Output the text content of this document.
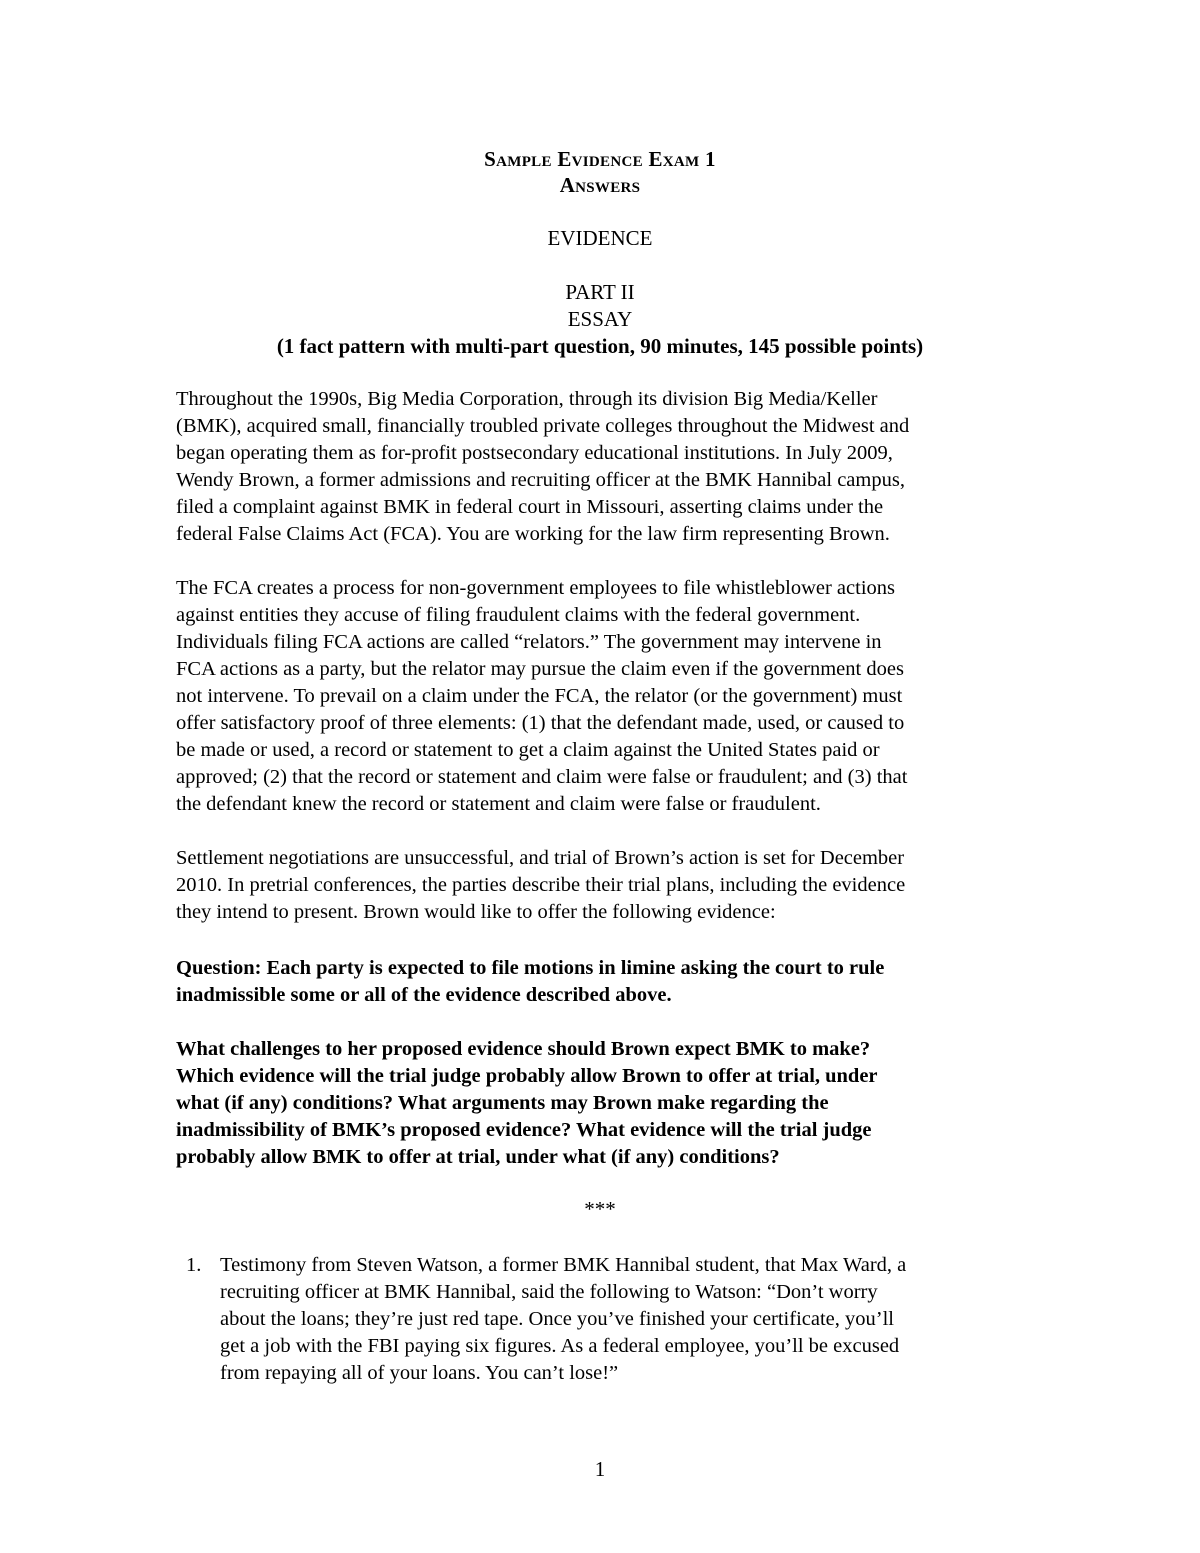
Sample Evidence Exam 1
Answers
EVIDENCE
PART II
ESSAY
(1 fact pattern with multi-part question, 90 minutes, 145 possible points)
Throughout the 1990s, Big Media Corporation, through its division Big Media/Keller
(BMK), acquired small, financially troubled private colleges throughout the Midwest and
began operating them as for-profit postsecondary educational institutions. In July 2009,
Wendy Brown, a former admissions and recruiting officer at the BMK Hannibal campus,
filed a complaint against BMK in federal court in Missouri, asserting claims under the
federal False Claims Act (FCA). You are working for the law firm representing Brown.
The FCA creates a process for non-government employees to file whistleblower actions
against entities they accuse of filing fraudulent claims with the federal government.
Individuals filing FCA actions are called “relators.” The government may intervene in
FCA actions as a party, but the relator may pursue the claim even if the government does
not intervene. To prevail on a claim under the FCA, the relator (or the government) must
offer satisfactory proof of three elements: (1) that the defendant made, used, or caused to
be made or used, a record or statement to get a claim against the United States paid or
approved; (2) that the record or statement and claim were false or fraudulent; and (3) that
the defendant knew the record or statement and claim were false or fraudulent.
Settlement negotiations are unsuccessful, and trial of Brown’s action is set for December
2010. In pretrial conferences, the parties describe their trial plans, including the evidence
they intend to present. Brown would like to offer the following evidence:
Question: Each party is expected to file motions in limine asking the court to rule
inadmissible some or all of the evidence described above.
What challenges to her proposed evidence should Brown expect BMK to make?
Which evidence will the trial judge probably allow Brown to offer at trial, under
what (if any) conditions? What arguments may Brown make regarding the
inadmissibility of BMK’s proposed evidence? What evidence will the trial judge
probably allow BMK to offer at trial, under what (if any) conditions?
***
1. Testimony from Steven Watson, a former BMK Hannibal student, that Max Ward, a
recruiting officer at BMK Hannibal, said the following to Watson: “Don’t worry
about the loans; they’re just red tape. Once you’ve finished your certificate, you’ll
get a job with the FBI paying six figures. As a federal employee, you’ll be excused
from repaying all of your loans. You can’t lose!”
1
